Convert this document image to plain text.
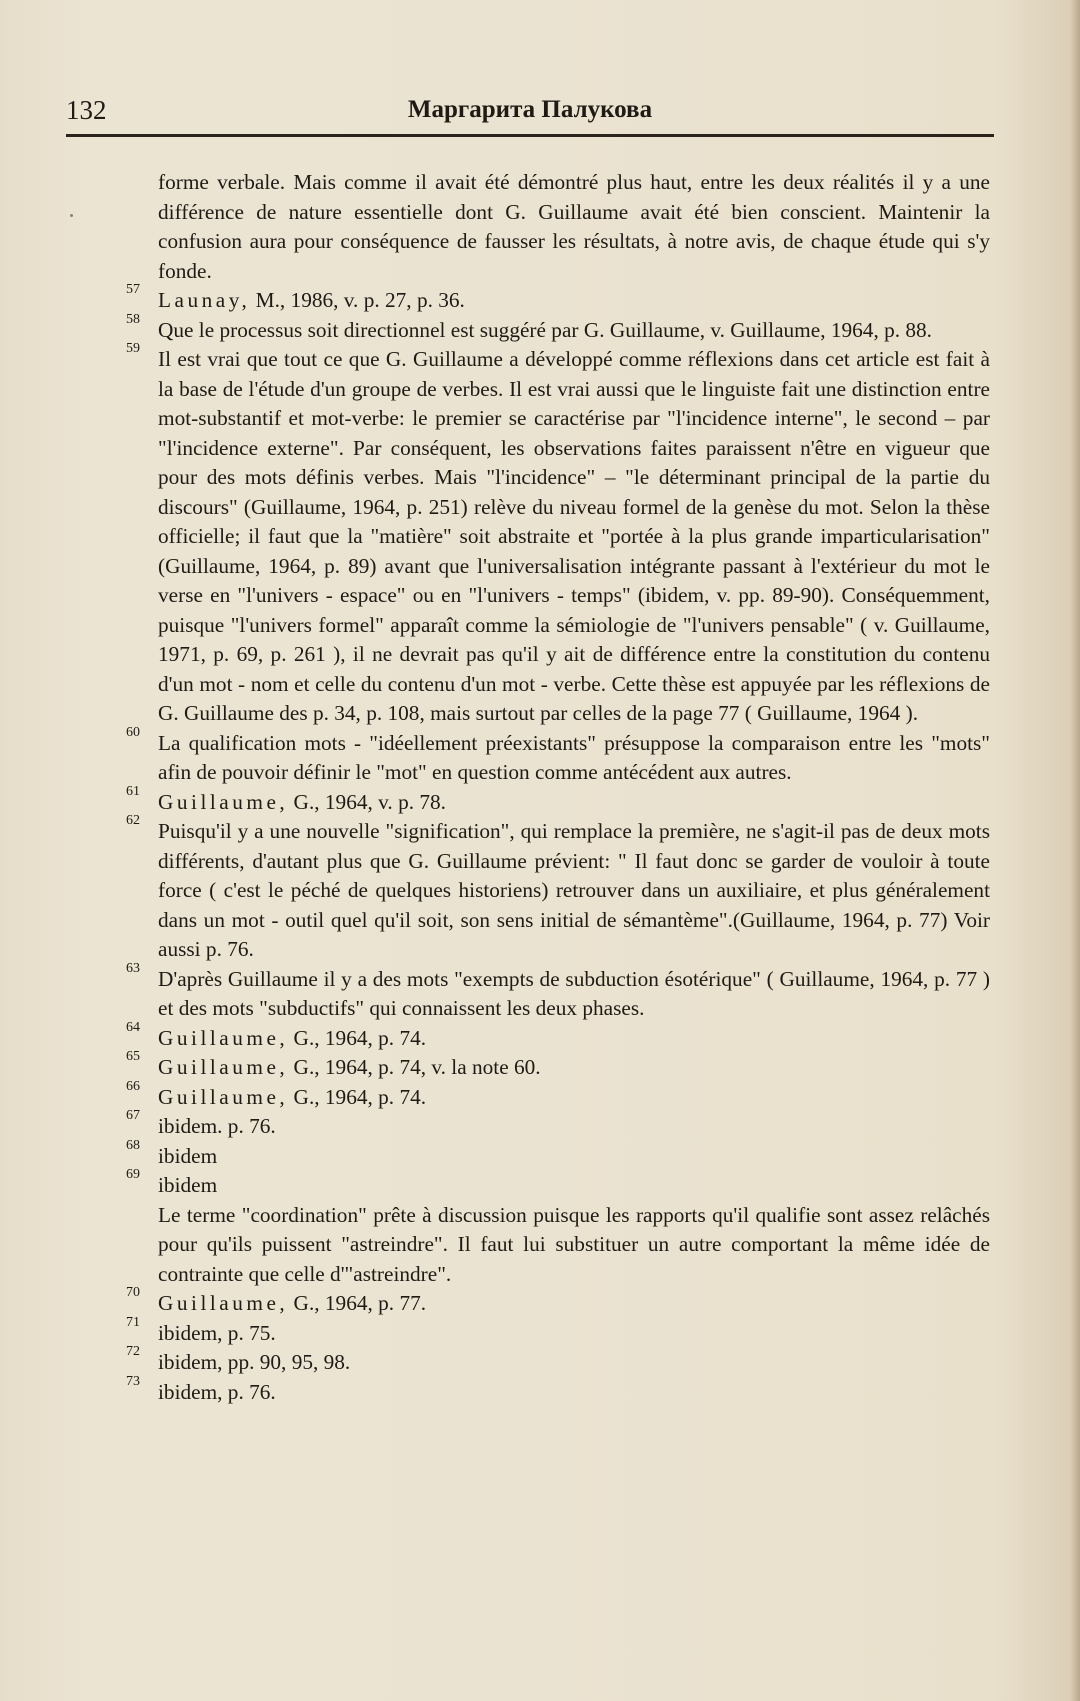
132	Маргарита Палукова

forme verbale. Mais comme il avait été démontré plus haut, entre les deux réalités il y a une différence de nature essentielle dont G. Guillaume avait été bien conscient. Maintenir la confusion aura pour conséquence de fausser les résultats, à notre avis, de chaque étude qui s'y fonde.

57 Launay, M., 1986, v. p. 27, p. 36.

58 Que le processus soit directionnel est suggéré par G. Guillaume, v. Guillaume, 1964, p. 88.

59 Il est vrai que tout ce que G. Guillaume a développé comme réflexions dans cet article est fait à la base de l'étude d'un groupe de verbes. Il est vrai aussi que le linguiste fait une distinction entre mot-substantif et mot-verbe: le premier se caractérise par "l'incidence interne", le second – par "l'incidence externe". Par conséquent, les observations faites paraissent n'être en vigueur que pour des mots définis verbes. Mais "l'incidence" – "le déterminant principal de la partie du discours" (Guillaume, 1964, p. 251) relève du niveau formel de la genèse du mot. Selon la thèse officielle; il faut que la "matière" soit abstraite et "portée à la plus grande imparticularisation" (Guillaume, 1964, p. 89) avant que l'universalisation intégrante passant à l'extérieur du mot le verse en "l'univers - espace" ou en "l'univers - temps" (ibidem, v. pp. 89-90). Conséquemment, puisque "l'univers formel" apparaît comme la sémiologie de "l'univers pensable" ( v. Guillaume, 1971, p. 69, p. 261 ), il ne devrait pas qu'il y ait de différence entre la constitution du contenu d'un mot - nom et celle du contenu d'un mot - verbe. Cette thèse est appuyée par les réflexions de G. Guillaume des p. 34, p. 108, mais surtout par celles de la page 77 ( Guillaume, 1964 ).

60 La qualification mots - "idéellement préexistants" présuppose la comparaison entre les "mots" afin de pouvoir définir le "mot" en question comme antécédent aux autres.

61 Guillaume, G., 1964, v. p. 78.

62 Puisqu'il y a une nouvelle "signification", qui remplace la première, ne s'agit-il pas de deux mots différents, d'autant plus que G. Guillaume prévient: " Il faut donc se garder de vouloir à toute force ( c'est le péché de quelques historiens) retrouver dans un auxiliaire, et plus généralement dans un mot - outil quel qu'il soit, son sens initial de sémantème".(Guillaume, 1964, p. 77) Voir aussi p. 76.

63 D'après Guillaume il y a des mots "exempts de subduction ésotérique" ( Guillaume, 1964, p. 77 ) et des mots "subductifs" qui connaissent les deux phases.

64 Guillaume, G., 1964, p. 74.

65 Guillaume, G., 1964, p. 74, v. la note 60.

66 Guillaume, G., 1964, p. 74.

67 ibidem. p. 76.

68 ibidem

69 ibidem

Le terme "coordination" prête à discussion puisque les rapports qu'il qualifie sont assez relâchés pour qu'ils puissent "astreindre". Il faut lui substituer un autre comportant la même idée de contrainte que celle d'"astreindre".

70 Guillaume, G., 1964, p. 77.

71 ibidem, p. 75.

72 ibidem, pp. 90, 95, 98.

73 ibidem, p. 76.
